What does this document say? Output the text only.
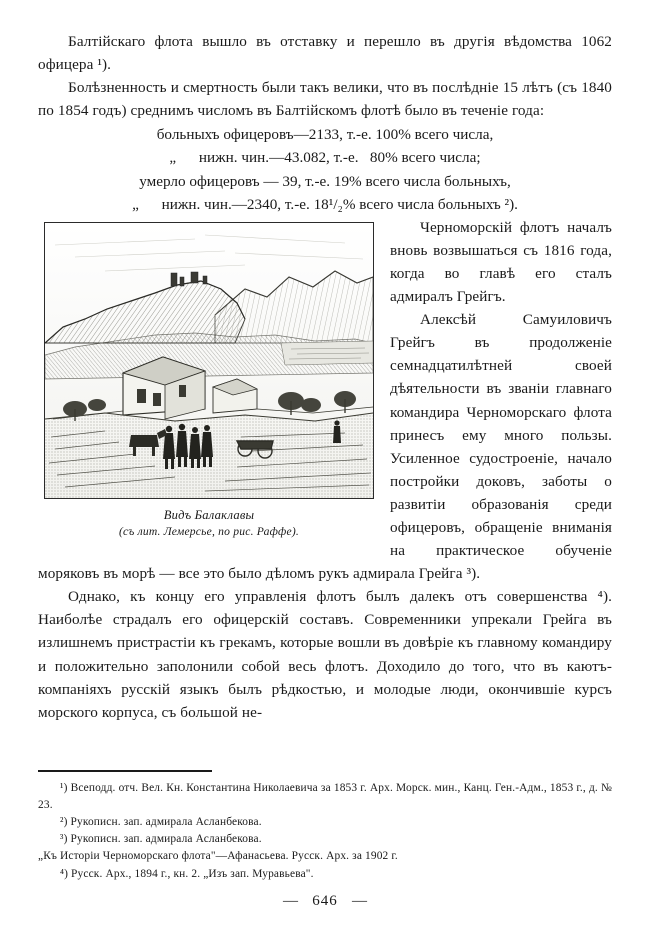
Балтійскаго флота вышло въ отставку и перешло въ другія вѣдомства 1062 офицера ¹).

Болѣзненность и смертность были такъ велики, что въ послѣднiе 15 лѣтъ (съ 1840 по 1854 годъ) среднимъ числомъ въ Балтiйскомъ флотѣ было въ теченiе года:

больныхъ офицеровъ—2133, т.-е. 100% всего числа,
„      нижн. чин.—43.082, т.-е.   80% всего числа;
умерло офицеровъ — 39, т.-е. 19% всего числа больныхъ,
„      нижн. чин.—2340, т.-е. 18¹/₂% всего числа больныхъ ²).
Видъ Балаклавы
(съ лит. Лемерсье, по рис. Раффе).

Черноморскій флотъ началъ вновь возвышаться съ 1816 года, когда во главѣ его сталъ адмиралъ Грейгъ.

Алексѣй Самуиловичъ Грейгъ въ продолженіе семнадцатилѣтней своей дѣятельности въ званіи главнаго командира Черноморскаго флота принесъ ему много пользы. Усиленное судостроеніе, начало постройки доковъ, заботы о развитіи образованія среди офицеровъ, обращеніе вниманія на практическое обученіе моряковъ въ морѣ — все это было дѣломъ рукъ адмирала Грейга ³).

Однако, къ концу его управленія флотъ былъ далекъ отъ совершенства ⁴). Наиболѣе страдалъ его офицерскій составъ. Современники упрекали Грейга въ излишнемъ пристрастіи къ грекамъ, которые вошли въ довѣріе къ главному командиру и положительно заполонили собой весь флотъ. Доходило до того, что въ каютъ-компаніяхъ русскій языкъ былъ рѣдкостью, и молодые люди, окончившіе курсъ морского корпуса, съ большой не-

¹) Всеподд. отч. Вел. Кн. Константина Николаевича за 1853 г. Арх. Морск. мин., Канц. Ген.-Адм., 1853 г., д. № 23.

²) Рукописн. зап. адмирала Асланбекова.

³) Рукописн. зап. адмирала Асланбекова.

„Къ Исторіи Черноморскаго флота"—Афанасьева. Русск. Арх. за 1902 г.

⁴) Русск. Арх., 1894 г., кн. 2. „Изъ зап. Муравьева".

— 646 —
